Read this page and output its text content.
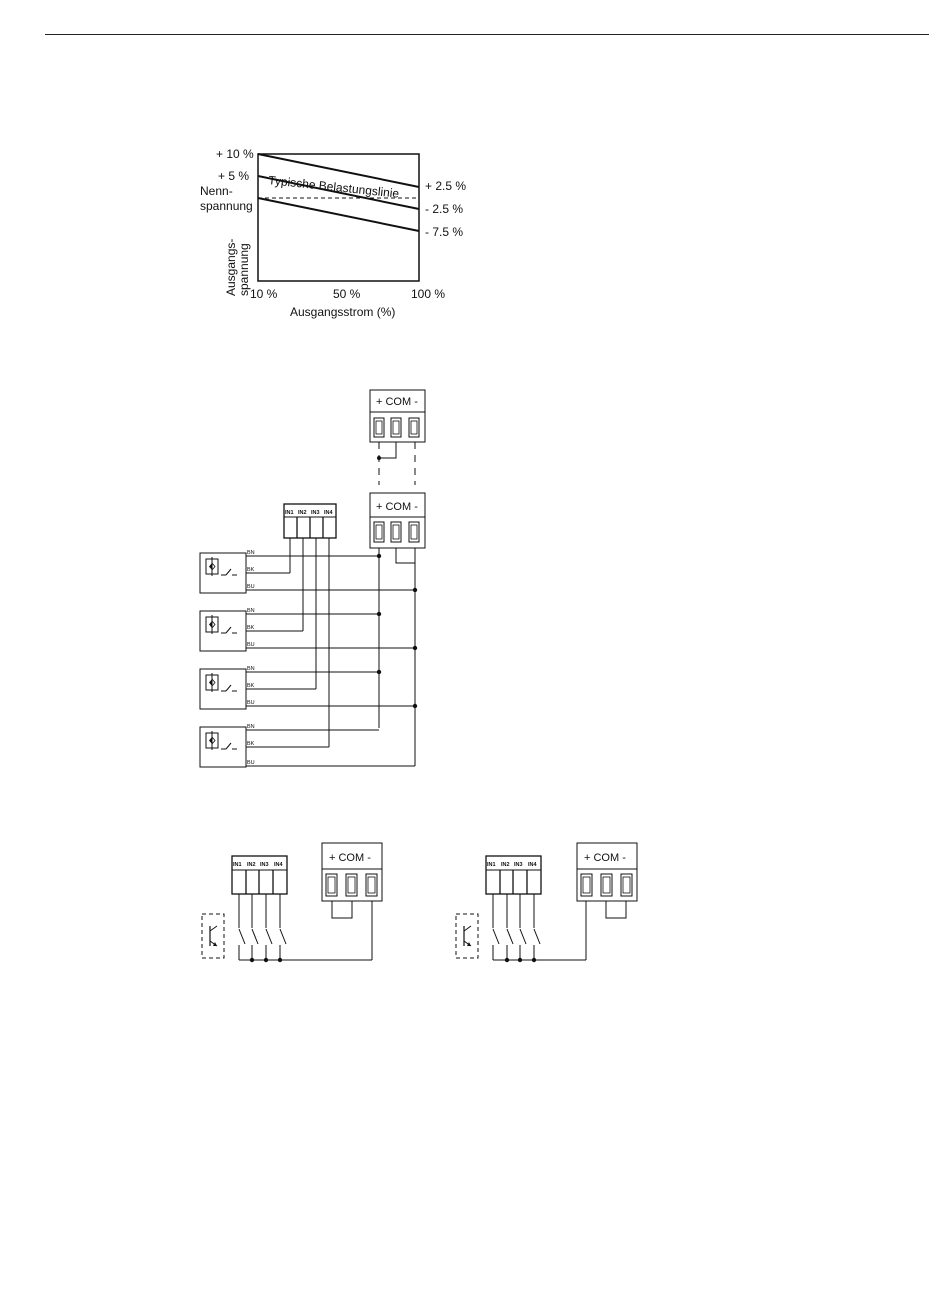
Typische Belastungslinie
+ 10 %
+ 5 %
Nenn-
spannung
Ausgangs- spannung
+ 2.5 %
- 2.5 %
- 7.5 %
10 %	50 %	100 %
Ausgangsstrom (%)
+ COM -
+ COM -
IN1 IN2 IN3 IN4
BN
BK
BU
BN
BK
BU
BN
BK
BU
BN
BK
BU
IN1 IN2 IN3 IN4
+ COM -
IN1 IN2 IN3 IN4
+ COM -
